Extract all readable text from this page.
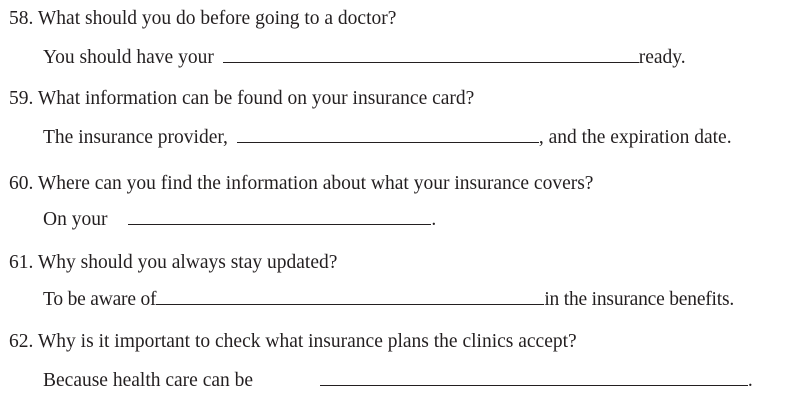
58. What should you do before going to a doctor?
You should have your	ready.
59. What information can be found on your insurance card?
The insurance provider,	, and the expiration date.
60. Where can you find the information about what your insurance covers?
On your	.
61. Why should you always stay updated?
To be aware of	in the insurance benefits.
62. Why is it important to check what insurance plans the clinics accept?
Because health care can be	.
